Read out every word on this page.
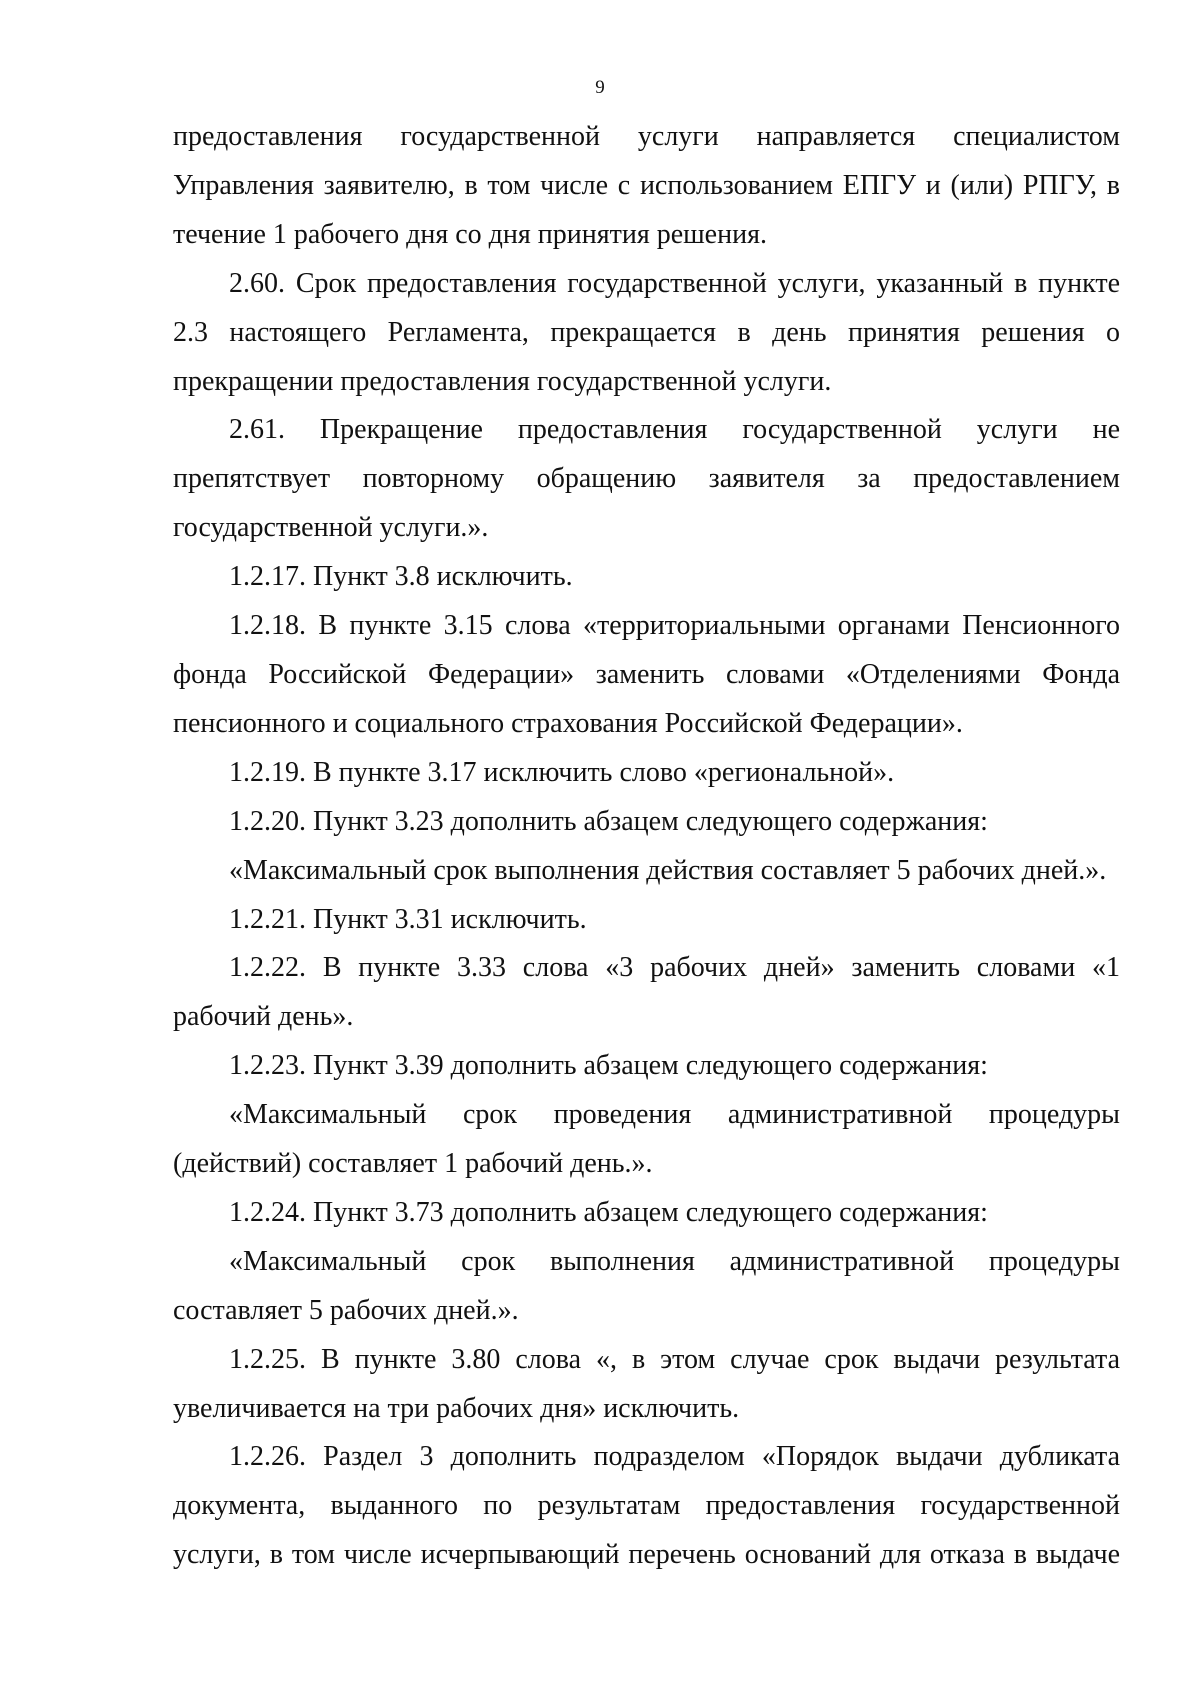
9

предоставления государственной услуги направляется специалистом Управления заявителю, в том числе с использованием ЕПГУ и (или) РПГУ, в течение 1 рабочего дня со дня принятия решения.

2.60. Срок предоставления государственной услуги, указанный в пункте 2.3 настоящего Регламента, прекращается в день принятия решения о прекращении предоставления государственной услуги.

2.61. Прекращение предоставления государственной услуги не препятствует повторному обращению заявителя за предоставлением государственной услуги.».

1.2.17. Пункт 3.8 исключить.

1.2.18. В пункте 3.15 слова «территориальными органами Пенсионного фонда Российской Федерации» заменить словами «Отделениями Фонда пенсионного и социального страхования Российской Федерации».

1.2.19. В пункте 3.17 исключить слово «региональной».

1.2.20. Пункт 3.23 дополнить абзацем следующего содержания:

«Максимальный срок выполнения действия составляет 5 рабочих дней.».

1.2.21. Пункт 3.31 исключить.

1.2.22. В пункте 3.33 слова «3 рабочих дней» заменить словами «1 рабочий день».

1.2.23. Пункт 3.39 дополнить абзацем следующего содержания:

«Максимальный срок проведения административной процедуры (действий) составляет 1 рабочий день.».

1.2.24. Пункт 3.73 дополнить абзацем следующего содержания:

«Максимальный срок выполнения административной процедуры составляет 5 рабочих дней.».

1.2.25. В пункте 3.80 слова «, в этом случае срок выдачи результата увеличивается на три рабочих дня» исключить.

1.2.26. Раздел 3 дополнить подразделом «Порядок выдачи дубликата документа, выданного по результатам предоставления государственной услуги, в том числе исчерпывающий перечень оснований для отказа в выдаче
